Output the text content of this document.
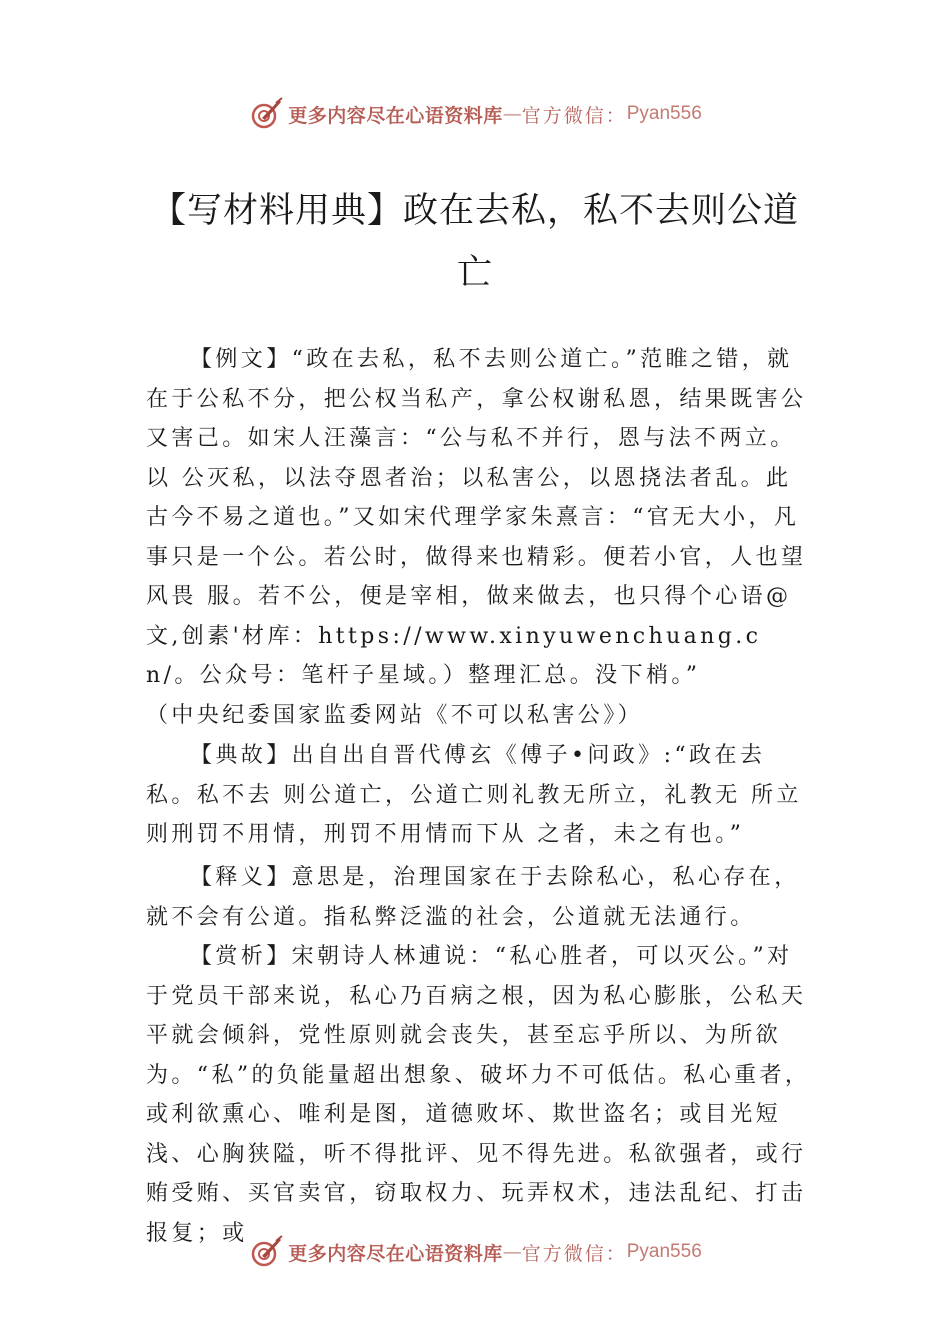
更多内容尽在心语资料库 — 官方微信： Pyan556
【写材料用典】政在去私，私不去则公道亡

【例文】“政在去私，私不去则公道亡。”范睢之错，就在于公私不分，把公权当私产，拿公权谢私恩，结果既害公 又害己。如宋人汪藻言：“公与私不并行，恩与法不两立。以 公灭私，以法夺恩者治；以私害公，以恩挠法者乱。此古今不易之道也。”又如宋代理学家朱熹言：“官无大小，凡事只是一个公。若公时，做得来也精彩。便若小官，人也望风畏 服。若不公，便是宰相，做来做去，也只得个心语@文,创素'材库：https://www.xinyuwenchuang.cn/。公众号：笔杆子星域。）整理汇总。没下梢。”
（中央纪委国家监委网站《不可以私害公》）

【典故】出自出自晋代傅玄《傅子•问政》:“政在去私。私不去 则公道亡，公道亡则礼教无所立，礼教无 所立则刑罚不用情，刑罚不用情而下从 之者，未之有也。”

【释义】意思是，治理国家在于去除私心，私心存在，就不会有公道。指私弊泛滥的社会，公道就无法通行。

【赏析】宋朝诗人林逋说：“私心胜者，可以灭公。”对于党员干部来说，私心乃百病之根，因为私心膨胀，公私天平就会倾斜，党性原则就会丧失，甚至忘乎所以、为所欲为。“私”的负能量超出想象、破坏力不可低估。私心重者，或利欲熏心、唯利是图，道德败坏、欺世盗名；或目光短浅、心胸狭隘，听不得批评、见不得先进。私欲强者，或行贿受贿、买官卖官，窃取权力、玩弄权术，违法乱纪、打击报复；或

更多内容尽在心语资料库 — 官方微信： Pyan556
